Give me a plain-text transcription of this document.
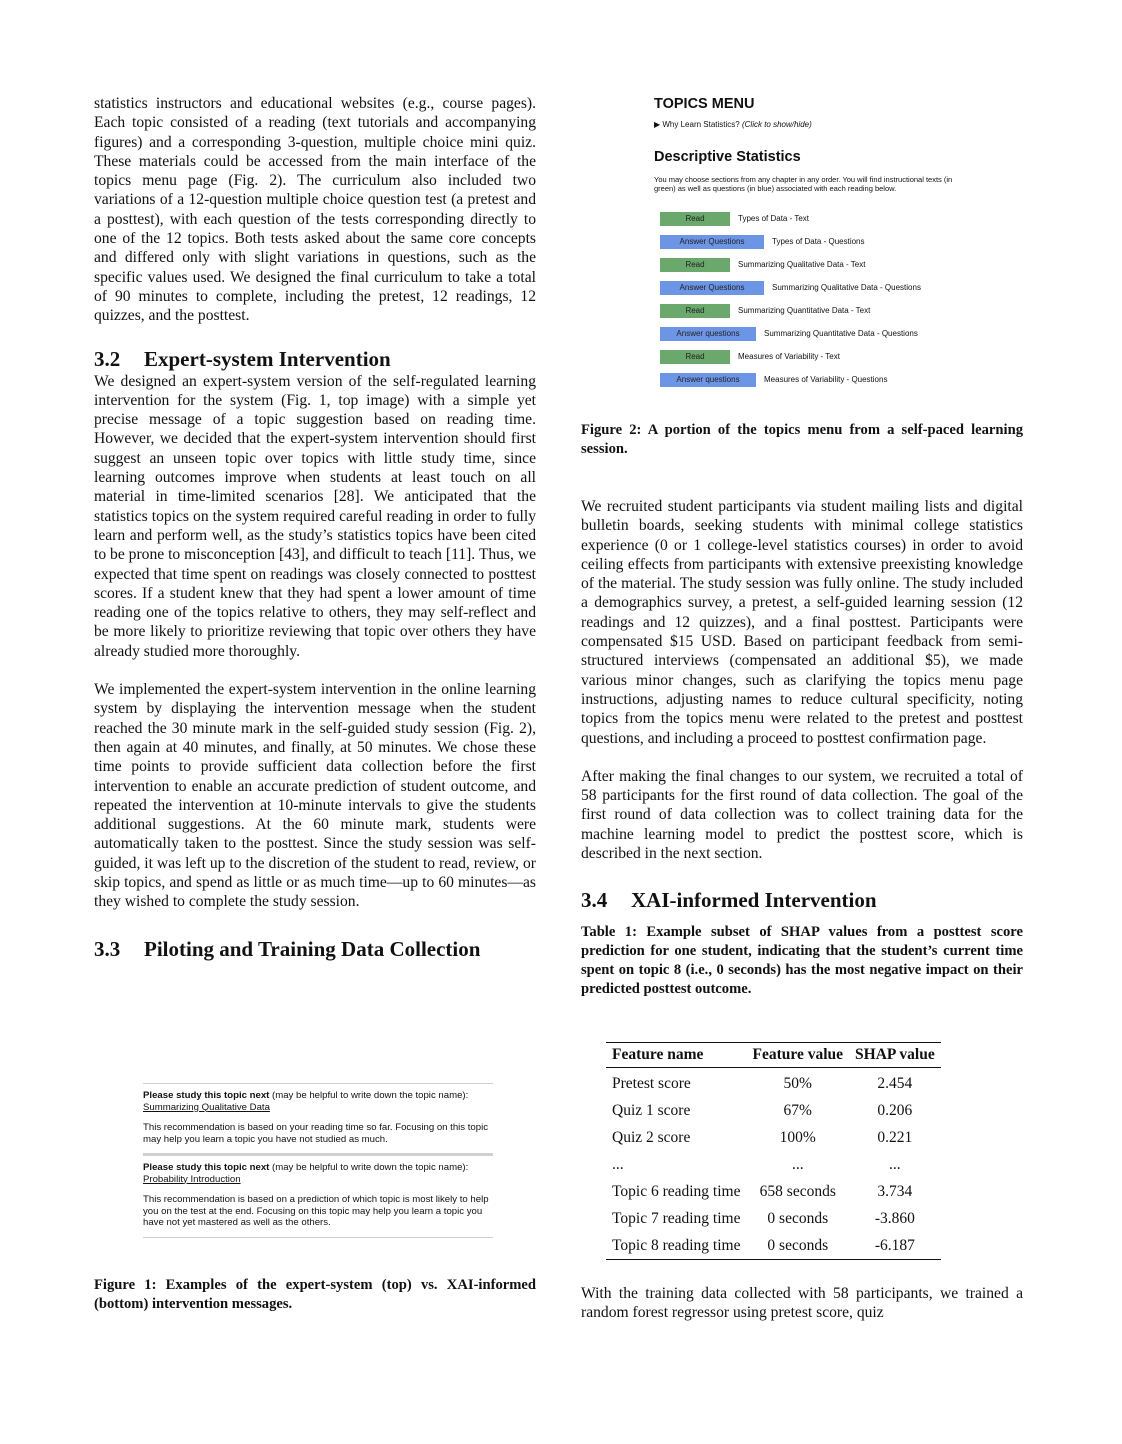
statistics instructors and educational websites (e.g., course pages). Each topic consisted of a reading (text tutorials and accompanying figures) and a corresponding 3-question, multiple choice mini quiz. These materials could be accessed from the main interface of the topics menu page (Fig. 2). The curriculum also included two variations of a 12-question multiple choice question test (a pretest and a posttest), with each question of the tests corresponding directly to one of the 12 topics. Both tests asked about the same core concepts and differed only with slight variations in questions, such as the specific values used. We designed the final curriculum to take a total of 90 minutes to complete, including the pretest, 12 readings, 12 quizzes, and the posttest.

3.2 Expert-system Intervention

We designed an expert-system version of the self-regulated learning intervention for the system (Fig. 1, top image) with a simple yet precise message of a topic suggestion based on reading time. However, we decided that the expert-system intervention should first suggest an unseen topic over topics with little study time, since learning outcomes improve when students at least touch on all material in time-limited scenarios [28]. We anticipated that the statistics topics on the system required careful reading in order to fully learn and perform well, as the study’s statistics topics have been cited to be prone to misconception [43], and difficult to teach [11]. Thus, we expected that time spent on readings was closely connected to posttest scores. If a student knew that they had spent a lower amount of time reading one of the topics relative to others, they may self-reflect and be more likely to prioritize reviewing that topic over others they have already studied more thoroughly.

We implemented the expert-system intervention in the online learning system by displaying the intervention message when the student reached the 30 minute mark in the self-guided study session (Fig. 2), then again at 40 minutes, and finally, at 50 minutes. We chose these time points to provide sufficient data collection before the first intervention to enable an accurate prediction of student outcome, and repeated the intervention at 10-minute intervals to give the students additional suggestions. At the 60 minute mark, students were automatically taken to the posttest. Since the study session was self-guided, it was left up to the discretion of the student to read, review, or skip topics, and spend as little or as much time—up to 60 minutes—as they wished to complete the study session.

3.3 Piloting and Training Data Collection
Please study this topic next (may be helpful to write down the topic name): Summarizing Qualitative Data
This recommendation is based on your reading time so far. Focusing on this topic may help you learn a topic you have not studied as much.
Please study this topic next (may be helpful to write down the topic name): Probability Introduction
This recommendation is based on a prediction of which topic is most likely to help you on the test at the end. Focusing on this topic may help you learn a topic you have not yet mastered as well as the others.

Figure 1: Examples of the expert-system (top) vs. XAI-informed (bottom) intervention messages.

TOPICS MENU
▶ Why Learn Statistics? (Click to show/hide)
Descriptive Statistics
You may choose sections from any chapter in any order. You will find instructional texts (in green) as well as questions (in blue) associated with each reading below.
Read	Types of Data - Text
Answer Questions	Types of Data - Questions
Read	Summarizing Qualitative Data - Text
Answer Questions	Summarizing Qualitative Data - Questions
Read	Summarizing Quantitative Data - Text
Answer questions	Summarizing Quantitative Data - Questions
Read	Measures of Variability - Text
Answer questions	Measures of Variability - Questions

Figure 2: A portion of the topics menu from a self-paced learning session.

We recruited student participants via student mailing lists and digital bulletin boards, seeking students with minimal college statistics experience (0 or 1 college-level statistics courses) in order to avoid ceiling effects from participants with extensive preexisting knowledge of the material. The study session was fully online. The study included a demographics survey, a pretest, a self-guided learning session (12 readings and 12 quizzes), and a final posttest. Participants were compensated $15 USD. Based on participant feedback from semi-structured interviews (compensated an additional $5), we made various minor changes, such as clarifying the topics menu page instructions, adjusting names to reduce cultural specificity, noting topics from the topics menu were related to the pretest and posttest questions, and including a proceed to posttest confirmation page.

After making the final changes to our system, we recruited a total of 58 participants for the first round of data collection. The goal of the first round of data collection was to collect training data for the machine learning model to predict the posttest score, which is described in the next section.

3.4 XAI-informed Intervention

Table 1: Example subset of SHAP values from a posttest score prediction for one student, indicating that the student’s current time spent on topic 8 (i.e., 0 seconds) has the most negative impact on their predicted posttest outcome.

Feature name	Feature value	SHAP value
Pretest score	50%	2.454
Quiz 1 score	67%	0.206
Quiz 2 score	100%	0.221
...	...	...
Topic 6 reading time	658 seconds	3.734
Topic 7 reading time	0 seconds	-3.860
Topic 8 reading time	0 seconds	-6.187

With the training data collected with 58 participants, we trained a random forest regressor using pretest score, quiz
